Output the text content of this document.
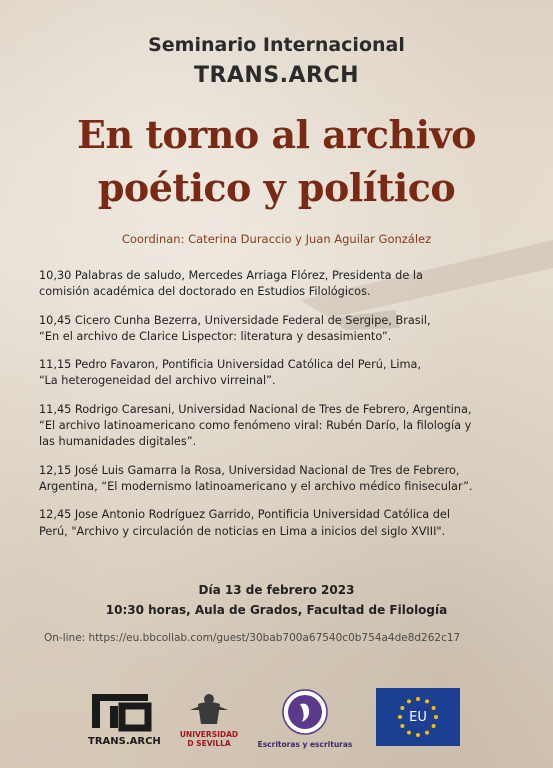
Seminario Internacional
TRANS.ARCH
En torno al archivo
poético y político
Coordinan: Caterina Duraccio y Juan Aguilar González
10,30 Palabras de saludo, Mercedes Arriaga Flórez, Presidenta de la
comisión académica del doctorado en Estudios Filológicos.
10,45 Cicero Cunha Bezerra, Universidade Federal de Sergipe, Brasil,
“En el archivo de Clarice Lispector: literatura y desasimiento”.
11,15 Pedro Favaron, Pontificia Universidad Católica del Perú, Lima,
“La heterogeneidad del archivo virreinal”.
11,45 Rodrigo Caresani, Universidad Nacional de Tres de Febrero, Argentina,
“El archivo latinoamericano como fenómeno viral: Rubén Darío, la filología y
las humanidades digitales”.
12,15 José Luis Gamarra la Rosa, Universidad Nacional de Tres de Febrero,
Argentina, “El modernismo latinoamericano y el archivo médico finisecular”.
12,45 Jose Antonio Rodríguez Garrido, Pontificia Universidad Católica del
Perú, "Archivo y circulación de noticias en Lima a inicios del siglo XVIII".
Día 13 de febrero 2023
10:30 horas, Aula de Grados, Facultad de Filología
On-line: https://eu.bbcollab.com/guest/30bab700a67540c0b754a4de8d262c17
TRANS.ARCH
UNIVERSIDAD
D SEVILLA	Escritoras y escrituras
EU
